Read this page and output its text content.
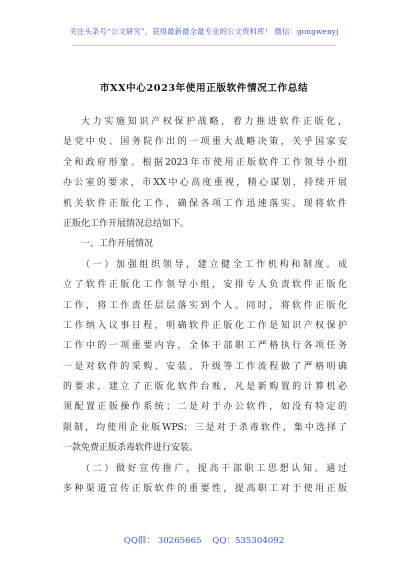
关注头条号“公文研究”，获得最新最全最专业的公文资料库！ 微信：gongwenyj
市XX中心2023年使用正版软件情况工作总结
大力实施知识产权保护战略，着力推进软件正版化，
是党中央、国务院作出的一项重大战略决策，关乎国家安
全和政府形象。根据2023年市使用正版软件工作领导小组
办公室的要求，市XX中心高度重视，精心谋划，持续开展
机关软件正版化工作，确保各项工作迅速落实。现将软件
正版化工作开展情况总结如下。
一、工作开展情况
（一）加强组织领导，建立健全工作机构和制度。成
立了软件正版化工作领导小组，安排专人负责软件正版化
工作，将工作责任层层落实到个人。同时，将软件正版化
工作纳入议事日程，明确软件正版化工作是知识产权保护
工作中的一项重要内容，全体干部职工严格执行各项任务
一是对软件的采购、安装、升级等工作流程做了严格明确
的要求，建立了正版化软件台账，凡是新购置的计算机必
须配置正版操作系统；二是对于办公软件，如没有特定的
限制，均使用企业版WPS；三是对于杀毒软件，集中选择了
一款免费正版杀毒软件进行安装。
（二）做好宣传推广，提高干部职工思想认知。通过
多种渠道宣传正版软件的重要性，提高职工对于使用正版
QQ群： 30265665 QQ：535304092
